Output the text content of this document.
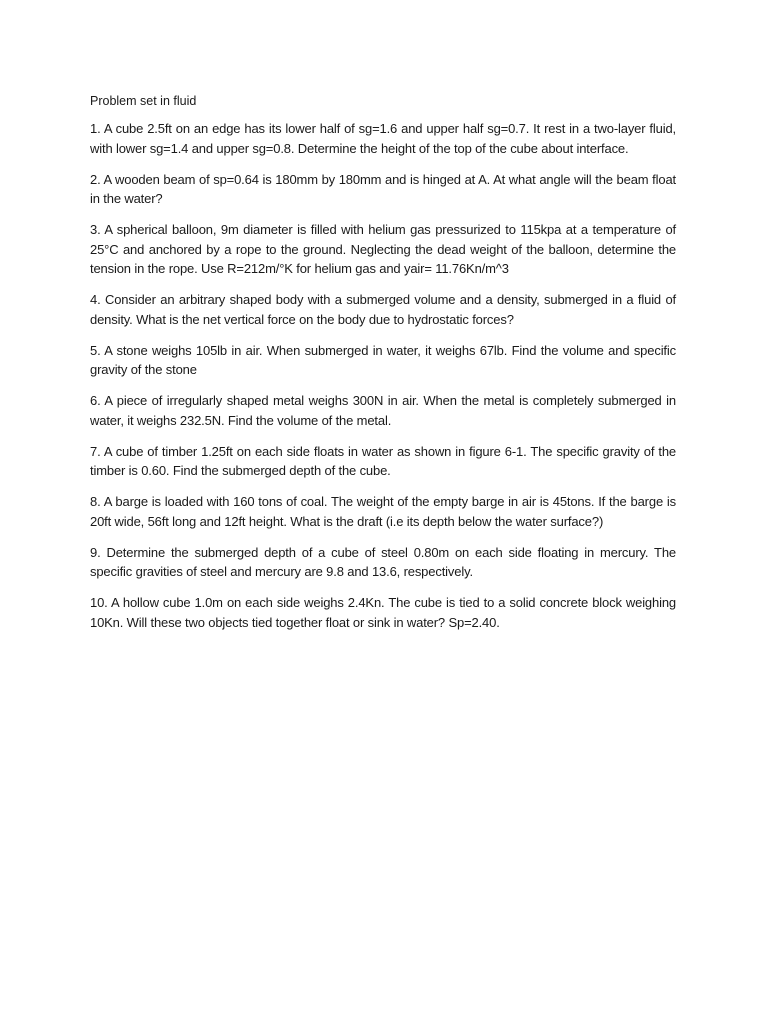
Problem set in fluid
1. A cube 2.5ft on an edge has its lower half of sg=1.6 and upper half sg=0.7. It rest in a two-layer fluid, with lower sg=1.4 and upper sg=0.8. Determine the height of the top of the cube about interface.
2. A wooden beam of sp=0.64 is 180mm by 180mm and is hinged at A. At what angle will the beam float in the water?
3. A spherical balloon, 9m diameter is filled with helium gas pressurized to 115kpa at a temperature of 25°C and anchored by a rope to the ground. Neglecting the dead weight of the balloon, determine the tension in the rope. Use R=212m/°K for helium gas and yair= 11.76Kn/m^3
4. Consider an arbitrary shaped body with a submerged volume and a density, submerged in a fluid of density. What is the net vertical force on the body due to hydrostatic forces?
5. A stone weighs 105lb in air. When submerged in water, it weighs 67lb. Find the volume and specific gravity of the stone
6. A piece of irregularly shaped metal weighs 300N in air. When the metal is completely submerged in water, it weighs 232.5N. Find the volume of the metal.
7. A cube of timber 1.25ft on each side floats in water as shown in figure 6-1. The specific gravity of the timber is 0.60. Find the submerged depth of the cube.
8. A barge is loaded with 160 tons of coal. The weight of the empty barge in air is 45tons. If the barge is 20ft wide, 56ft long and 12ft height. What is the draft (i.e its depth below the water surface?)
9. Determine the submerged depth of a cube of steel 0.80m on each side floating in mercury. The specific gravities of steel and mercury are 9.8 and 13.6, respectively.
10. A hollow cube 1.0m on each side weighs 2.4Kn. The cube is tied to a solid concrete block weighing 10Kn. Will these two objects tied together float or sink in water? Sp=2.40.
